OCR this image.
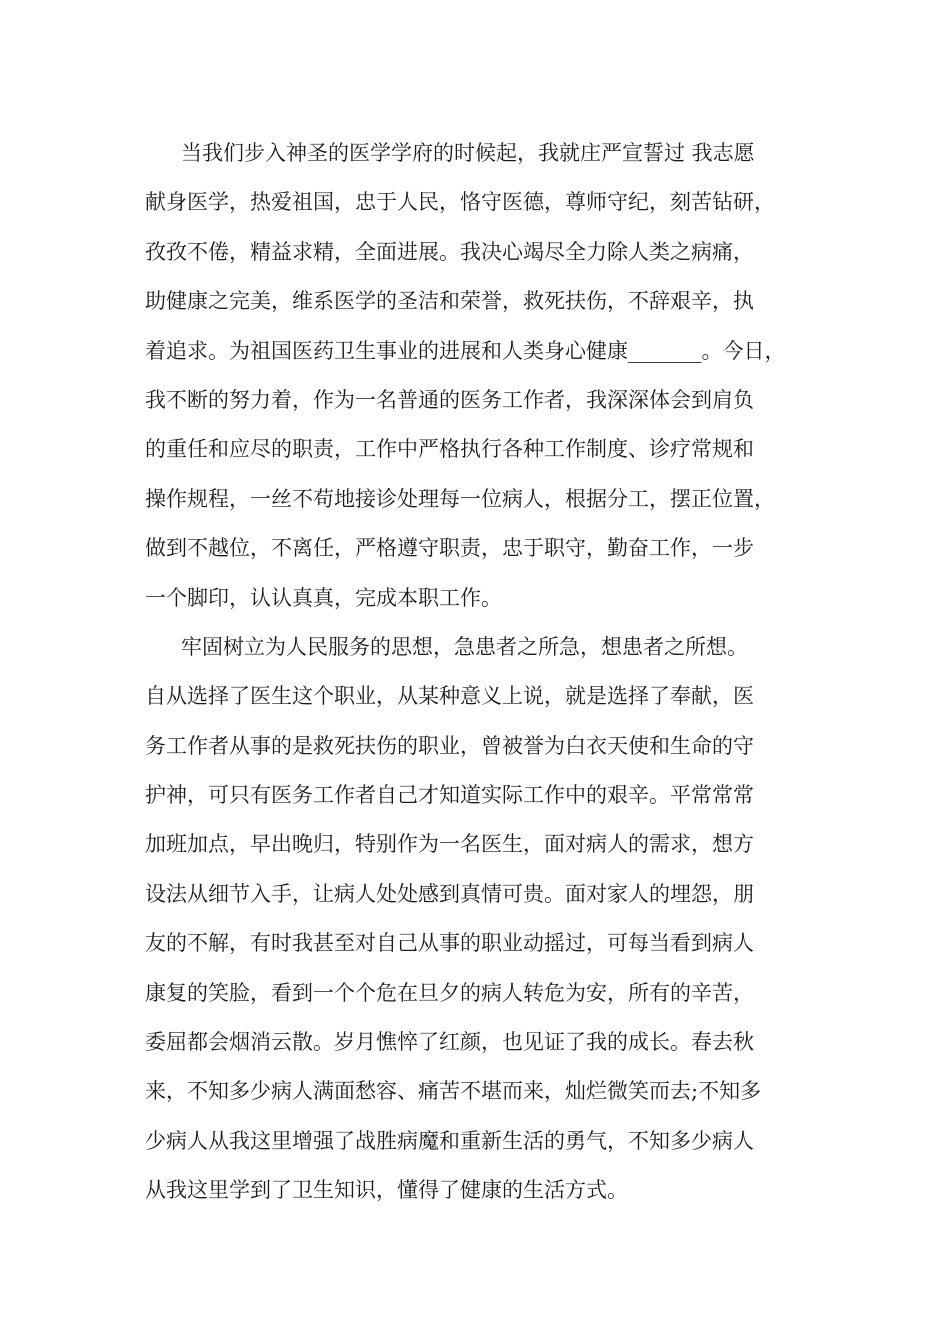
当我们步入神圣的医学学府的时候起，我就庄严宣誓过 我志愿
献身医学，热爱祖国，忠于人民，恪守医德，尊师守纪，刻苦钻研，
孜孜不倦，精益求精，全面进展。我决心竭尽全力除人类之病痛，
助健康之完美，维系医学的圣洁和荣誉，救死扶伤，不辞艰辛，执
着追求。为祖国医药卫生事业的进展和人类身心健康_______。今日，
我不断的努力着，作为一名普通的医务工作者，我深深体会到肩负
的重任和应尽的职责，工作中严格执行各种工作制度、诊疗常规和
操作规程，一丝不苟地接诊处理每一位病人，根据分工，摆正位置，
做到不越位，不离任，严格遵守职责，忠于职守，勤奋工作，一步
一个脚印，认认真真，完成本职工作。
牢固树立为人民服务的思想，急患者之所急，想患者之所想。
自从选择了医生这个职业，从某种意义上说，就是选择了奉献，医
务工作者从事的是救死扶伤的职业，曾被誉为白衣天使和生命的守
护神，可只有医务工作者自己才知道实际工作中的艰辛。平常常常
加班加点，早出晚归，特别作为一名医生，面对病人的需求，想方
设法从细节入手，让病人处处感到真情可贵。面对家人的埋怨，朋
友的不解，有时我甚至对自己从事的职业动摇过，可每当看到病人
康复的笑脸，看到一个个危在旦夕的病人转危为安，所有的辛苦，
委屈都会烟消云散。岁月憔悴了红颜，也见证了我的成长。春去秋
来，不知多少病人满面愁容、痛苦不堪而来，灿烂微笑而去;不知多
少病人从我这里增强了战胜病魔和重新生活的勇气，不知多少病人
从我这里学到了卫生知识，懂得了健康的生活方式。
